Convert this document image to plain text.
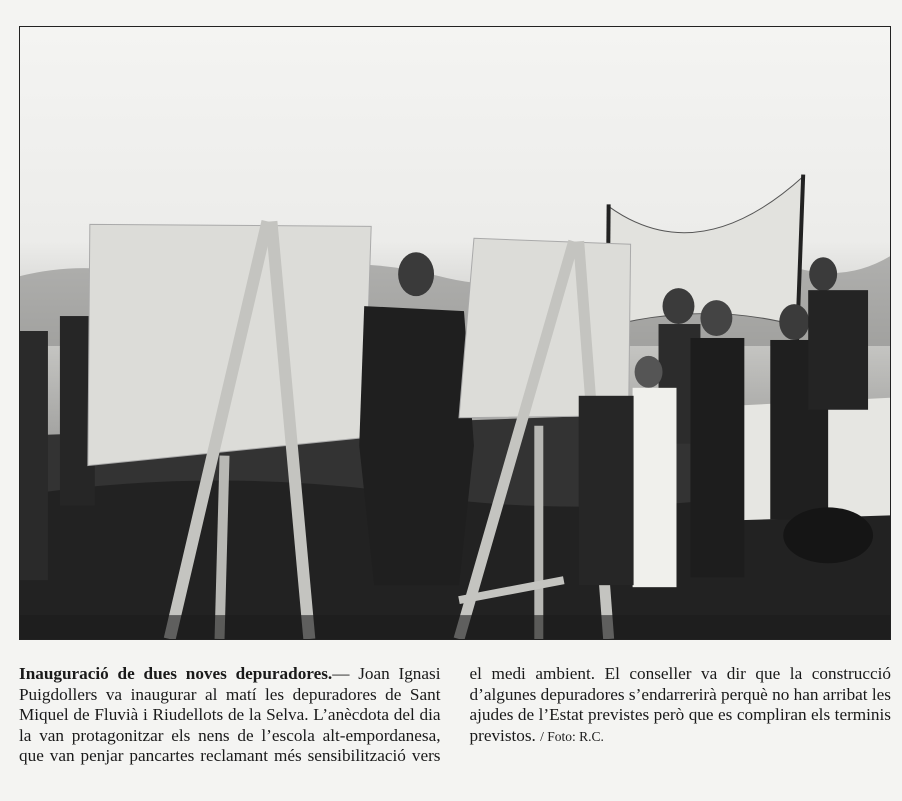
Inauguració de dues noves depuradores.— Joan Ignasi Puigdollers va inaugurar al matí les depuradores de Sant Miquel de Fluvià i Riudellots de la Selva. L’anècdota del dia la van protagonitzar els nens de l’escola alt-empordanesa, que van penjar pancartes reclamant més sensibilització vers el medi ambient. El conseller va dir que la construcció d’algunes depuradores s’endarrerirà perquè no han arribat les ajudes de l’Estat previstes però que es compliran els terminis previstos. / Foto: R.C.
